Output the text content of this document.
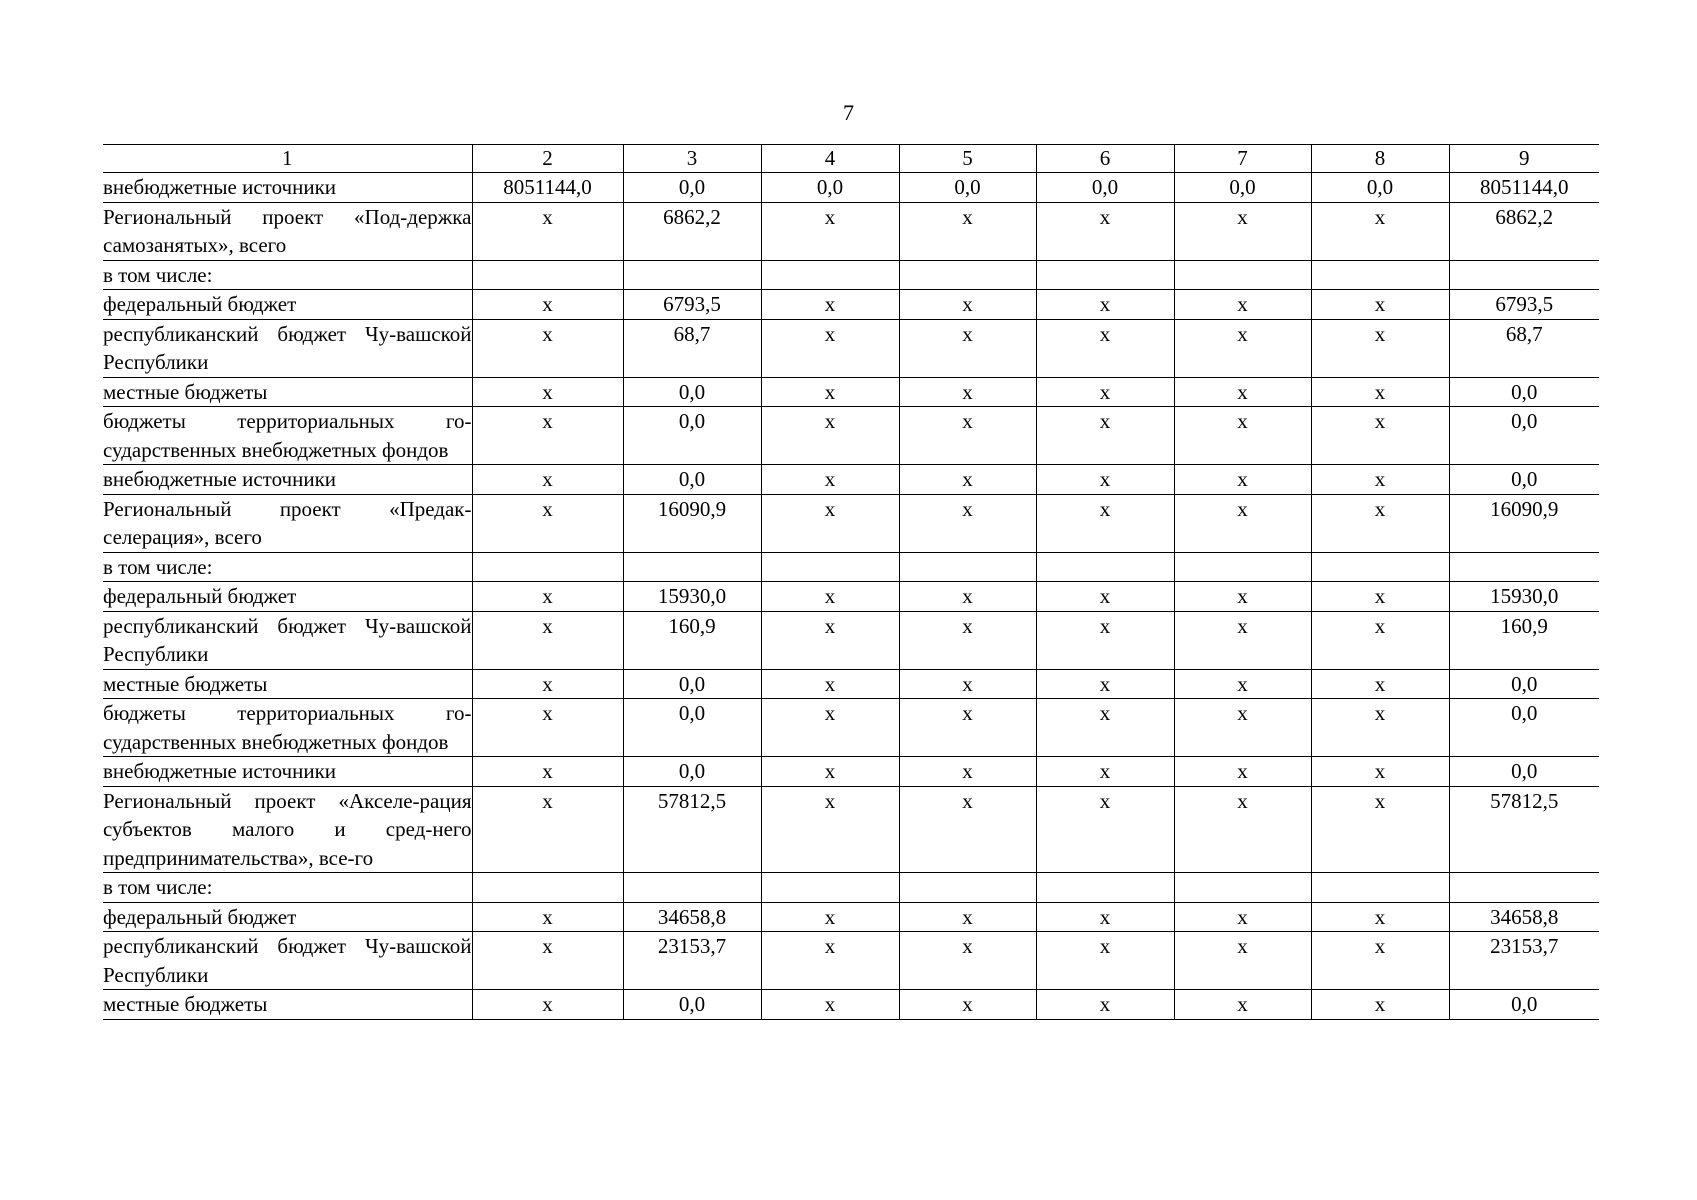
7
1	2	3	4	5	6	7	8	9
внебюджетные источники	8051144,0	0,0	0,0	0,0	0,0	0,0	0,0	8051144,0
Региональный проект «Под-держка самозанятых», всего	x	6862,2	x	x	x	x	x	6862,2
в том числе:								
федеральный бюджет	x	6793,5	x	x	x	x	x	6793,5
республиканский бюджет Чу-вашской Республики	x	68,7	x	x	x	x	x	68,7
местные бюджеты	x	0,0	x	x	x	x	x	0,0
бюджеты территориальных го-сударственных внебюджетных фондов	x	0,0	x	x	x	x	x	0,0
внебюджетные источники	x	0,0	x	x	x	x	x	0,0
Региональный проект «Предак-селерация», всего	x	16090,9	x	x	x	x	x	16090,9
в том числе:								
федеральный бюджет	x	15930,0	x	x	x	x	x	15930,0
республиканский бюджет Чу-вашской Республики	x	160,9	x	x	x	x	x	160,9
местные бюджеты	x	0,0	x	x	x	x	x	0,0
бюджеты территориальных го-сударственных внебюджетных фондов	x	0,0	x	x	x	x	x	0,0
внебюджетные источники	x	0,0	x	x	x	x	x	0,0
Региональный проект «Акселе-рация субъектов малого и сред-него предпринимательства», все-го	x	57812,5	x	x	x	x	x	57812,5
в том числе:								
федеральный бюджет	x	34658,8	x	x	x	x	x	34658,8
республиканский бюджет Чу-вашской Республики	x	23153,7	x	x	x	x	x	23153,7
местные бюджеты	x	0,0	x	x	x	x	x	0,0
